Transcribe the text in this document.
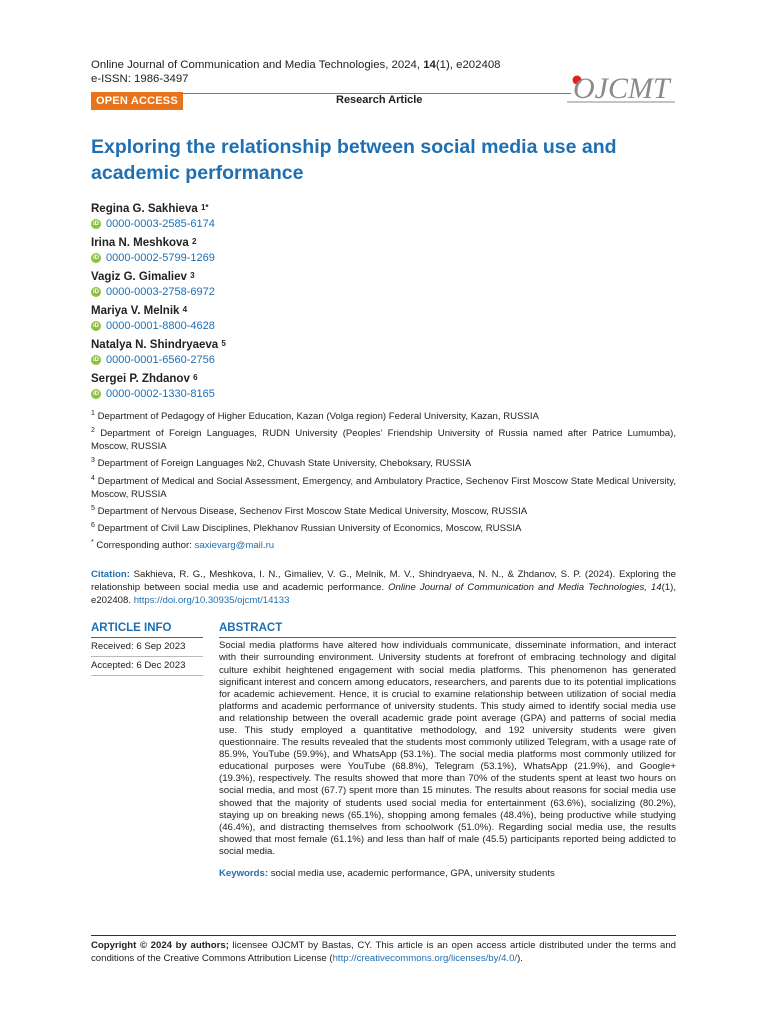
Online Journal of Communication and Media Technologies, 2024, 14(1), e202408
e-ISSN: 1986-3497
OPEN ACCESS	Research Article
Exploring the relationship between social media use and academic performance
Regina G. Sakhieva $^{1*}$
iD 0000-0003-2585-6174
Irina N. Meshkova $^2$
iD 0000-0002-5799-1269
Vagiz G. Gimaliev $^3$
iD 0000-0003-2758-6972
Mariya V. Melnik $^4$
iD 0000-0001-8800-4628
Natalya N. Shindryaeva $^5$
iD 0000-0001-6560-2756
Sergei P. Zhdanov $^6$
iD 0000-0002-1330-8165

$^1$ Department of Pedagogy of Higher Education, Kazan (Volga region) Federal University, Kazan, RUSSIA

$^2$ Department of Foreign Languages, RUDN University (Peoples’ Friendship University of Russia named after Patrice Lumumba), Moscow, RUSSIA

$^3$ Department of Foreign Languages №2, Chuvash State University, Cheboksary, RUSSIA

$^4$ Department of Medical and Social Assessment, Emergency, and Ambulatory Practice, Sechenov First Moscow State Medical University, Moscow, RUSSIA

$^5$ Department of Nervous Disease, Sechenov First Moscow State Medical University, Moscow, RUSSIA

$^6$ Department of Civil Law Disciplines, Plekhanov Russian University of Economics, Moscow, RUSSIA

* Corresponding author: saxievarg@mail.ru

Citation: Sakhieva, R. G., Meshkova, I. N., Gimaliev, V. G., Melnik, M. V., Shindryaeva, N. N., & Zhdanov, S. P. (2024). Exploring the relationship between social media use and academic performance. Online Journal of Communication and Media Technologies, 14(1), e202408. https://doi.org/10.30935/ojcmt/14133
ARTICLE INFO
Received: 6 Sep 2023
Accepted: 6 Dec 2023
ABSTRACT
Social media platforms have altered how individuals communicate, disseminate information, and interact with their surrounding environment. University students at forefront of embracing technology and digital culture exhibit heightened engagement with social media platforms. This phenomenon has generated significant interest and concern among educators, researchers, and parents due to its potential implications for academic achievement. Hence, it is crucial to examine relationship between utilization of social media platforms and academic performance of university students. This study aimed to identify social media use and relationship between the overall academic grade point average (GPA) and patterns of social media use. This study employed a quantitative methodology, and 192 university students were given questionnaire. The results revealed that the students most commonly utilized Telegram, with a usage rate of 85.9%, YouTube (59.9%), and WhatsApp (53.1%). The social media platforms most commonly utilized for educational purposes were YouTube (68.8%), Telegram (53.1%), WhatsApp (21.9%), and Google+ (19.3%), respectively. The results showed that more than 70% of the students spent at least two hours on social media, and most (67.7) spent more than 15 minutes. The results about reasons for social media use showed that the majority of students used social media for entertainment (63.6%), socializing (80.2%), staying up on breaking news (65.1%), shopping among females (48.4%), being productive while studying (46.4%), and distracting themselves from schoolwork (51.0%). Regarding social media use, the results showed that most female (61.1%) and less than half of male (45.5) participants reported being addicted to social media.
Keywords: social media use, academic performance, GPA, university students
OJCMT
Copyright © 2024 by authors; licensee OJCMT by Bastas, CY. This article is an open access article distributed under the terms and conditions of the Creative Commons Attribution License (http://creativecommons.org/licenses/by/4.0/).
